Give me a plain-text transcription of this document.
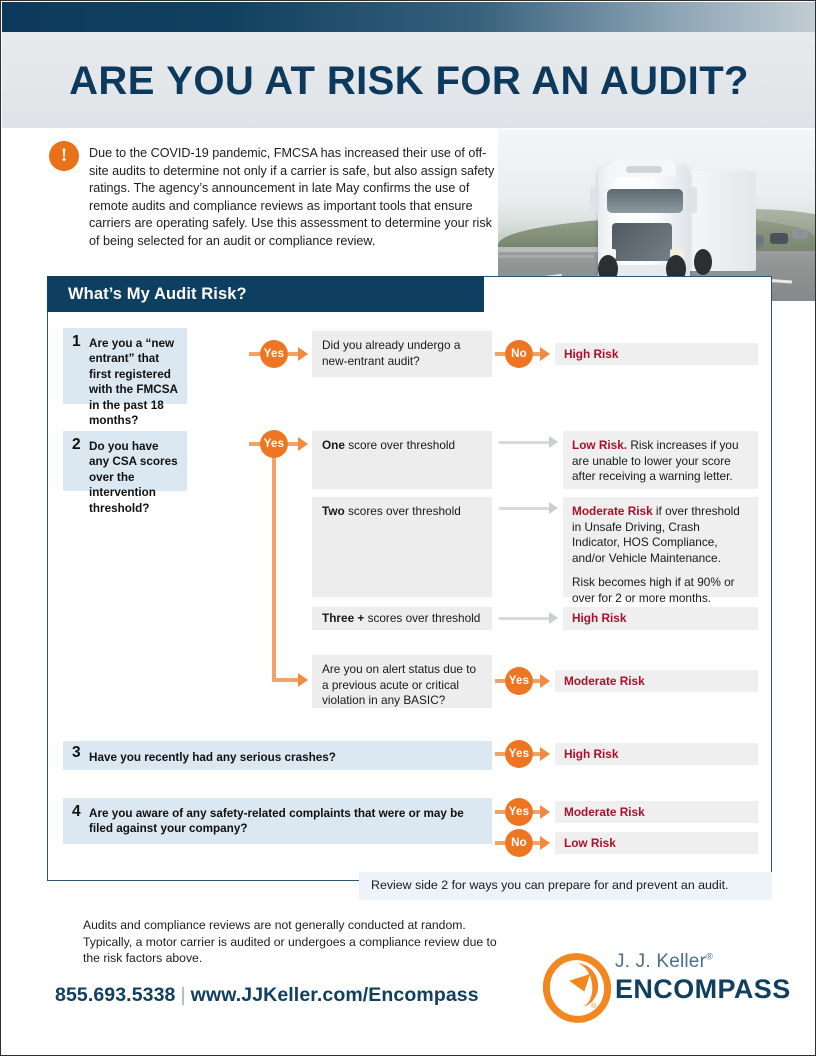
ARE YOU AT RISK FOR AN AUDIT?
!	Due to the COVID-19 pandemic, FMCSA has increased their use of off-site audits to determine not only if a carrier is safe, but also assign safety ratings. The agency’s announcement in late May confirms the use of remote audits and compliance reviews as important tools that ensure carriers are operating safely. Use this assessment to determine your risk of being selected for an audit or compliance review.
What’s My Audit Risk?
1 Are you a “new entrant” that first registered with the FMCSA in the past 18 months?
Yes
Did you already undergo a new-entrant audit?	No	High Risk
2 Do you have any CSA scores over the intervention threshold?
Yes	One score over threshold	Low Risk. Risk increases if you are unable to lower your score after receiving a warning letter.

Two scores over threshold	Moderate Risk if over threshold in Unsafe Driving, Crash Indicator, HOS Compliance, and/or Vehicle Maintenance.

Risk becomes high if at 90% or over for 2 or more months.

Three + scores over threshold	High Risk
Are you on alert status due to a previous acute or critical violation in any BASIC?
Yes	Moderate Risk
3 Have you recently had any serious crashes?	Yes	High Risk
4 Are you aware of any safety-related complaints that were or may be filed against your company?
Yes	Moderate Risk
No	Low Risk
Review side 2 for ways you can prepare for and prevent an audit.
Audits and compliance reviews are not generally conducted at random. Typically, a motor carrier is audited or undergoes a compliance review due to the risk factors above.
855.693.5338 | www.JJKeller.com/Encompass
®
J. J. Keller®
ENCOMPASS
